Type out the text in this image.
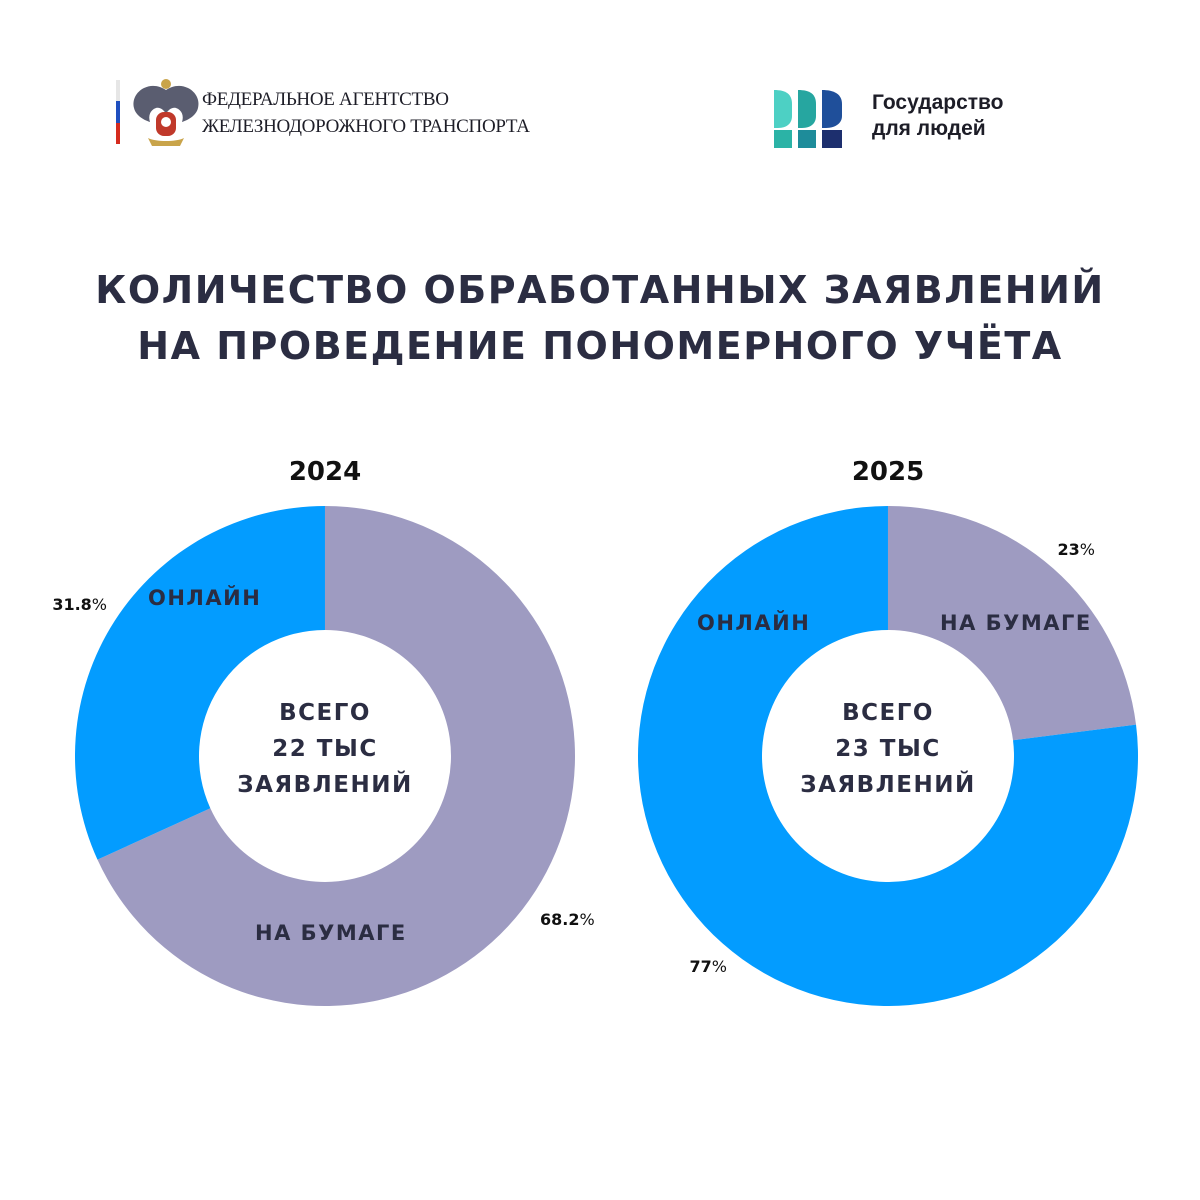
ФЕДЕРАЛЬНОЕ АГЕНТСТВО
ЖЕЛЕЗНОДОРОЖНОГО ТРАНСПОРТА
Государство
для людей
КОЛИЧЕСТВО ОБРАБОТАННЫХ ЗАЯВЛЕНИЙ
НА ПРОВЕДЕНИЕ ПОНОМЕРНОГО УЧЁТА
2024
НА БУМАГЕ
68.2%
ОНЛАЙН
31.8%
ВСЕГО
22 ТЫС
ЗАЯВЛЕНИЙ
2025
НА БУМАГЕ
23%
ОНЛАЙН
77%
ВСЕГО
23 ТЫС
ЗАЯВЛЕНИЙ
